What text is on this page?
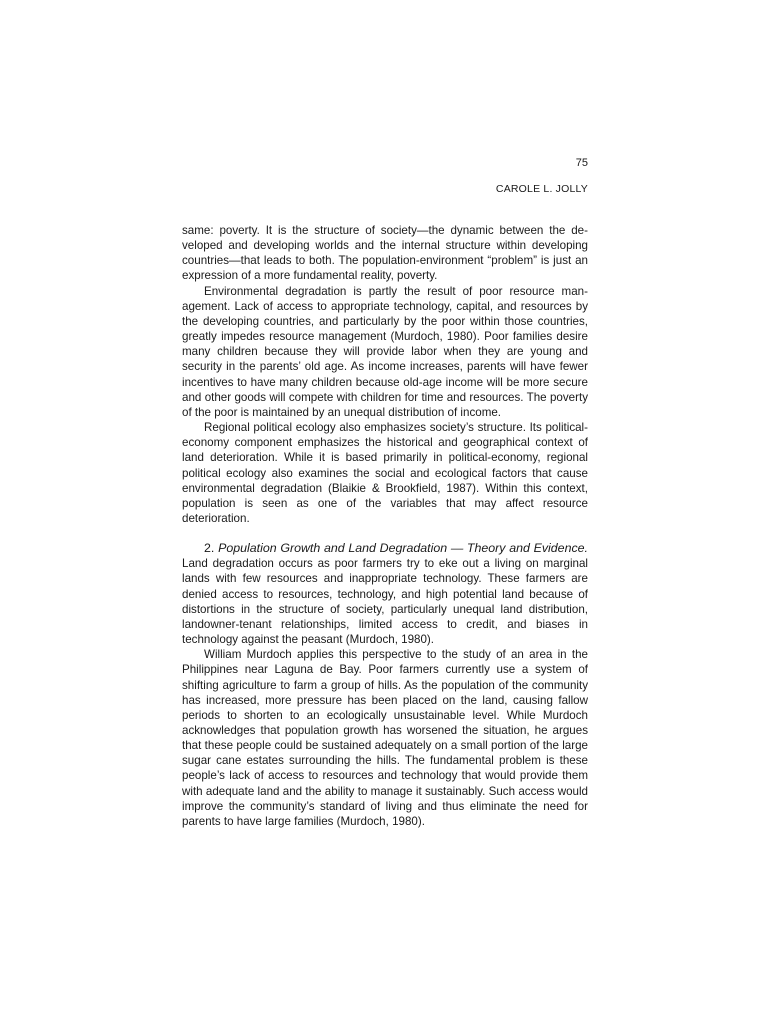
75
CAROLE L. JOLLY

same: poverty. It is the structure of society—the dynamic between the developed and developing worlds and the internal structure within developing countries—that leads to both. The population-environment “problem” is just an expression of a more fundamental reality, poverty.

Environmental degradation is partly the result of poor resource management. Lack of access to appropriate technology, capital, and resources by the developing countries, and particularly by the poor within those countries, greatly impedes resource management (Murdoch, 1980). Poor families desire many children because they will provide labor when they are young and security in the parents’ old age. As income increases, parents will have fewer incentives to have many children because old-age income will be more secure and other goods will compete with children for time and resources. The poverty of the poor is maintained by an unequal distribution of income.

Regional political ecology also emphasizes society’s structure. Its political-economy component emphasizes the historical and geographical context of land deterioration. While it is based primarily in political-economy, regional political ecology also examines the social and ecological factors that cause environmental degradation (Blaikie & Brookfield, 1987). Within this context, population is seen as one of the variables that may affect resource deterioration.

2. Population Growth and Land Degradation — Theory and Evidence. Land degradation occurs as poor farmers try to eke out a living on marginal lands with few resources and inappropriate technology. These farmers are denied access to resources, technology, and high potential land because of distortions in the structure of society, particularly unequal land distribution, landowner-tenant relationships, limited access to credit, and biases in technology against the peasant (Murdoch, 1980).

William Murdoch applies this perspective to the study of an area in the Philippines near Laguna de Bay. Poor farmers currently use a system of shifting agriculture to farm a group of hills. As the population of the community has increased, more pressure has been placed on the land, causing fallow periods to shorten to an ecologically unsustainable level. While Murdoch acknowledges that population growth has worsened the situation, he argues that these people could be sustained adequately on a small portion of the large sugar cane estates surrounding the hills. The fundamental problem is these people’s lack of access to resources and technology that would provide them with adequate land and the ability to manage it sustainably. Such access would improve the community’s standard of living and thus eliminate the need for parents to have large families (Murdoch, 1980).
